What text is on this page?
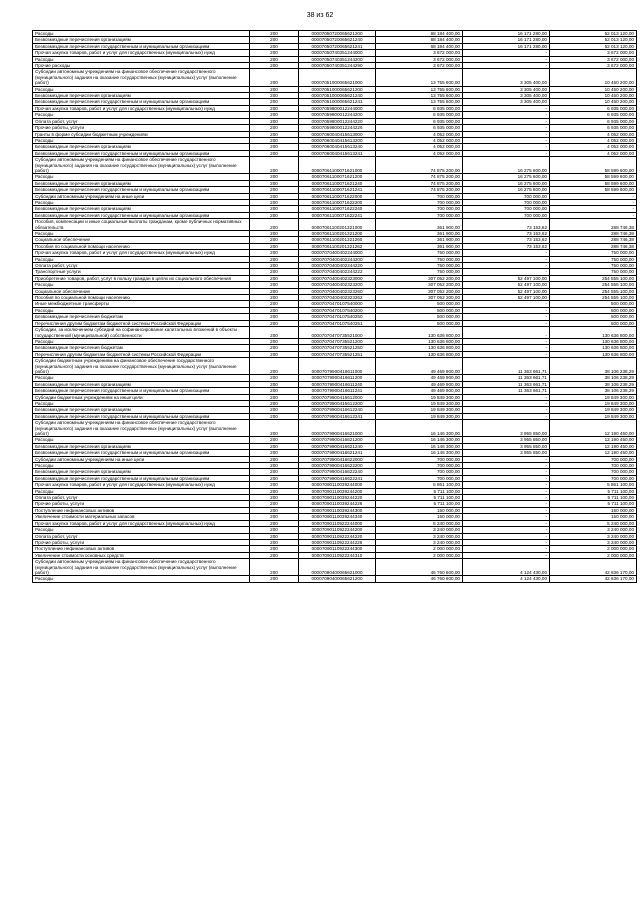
38 из 62
Расходы	200	00007050720065621200	68 184 400,00	16 171 280,00	52 013 120,00
Безвозмездные перечисления организациям	200	00007050720065621240	68 184 400,00	16 171 280,00	52 013 120,00
Безвозмездные перечисления государственным и муниципальным организациям	200	00007050720065621241	68 184 400,00	16 171 280,00	52 013 120,00
Прочая закупка товаров, работ и услуг для государственных (муниципальных) нужд	200	00007050740351244000	3 672 000,00	-	3 672 000,00
Расходы	200	00007050740351244200	3 672 000,00	-	3 672 000,00
Прочие расходы	200	00007050740351244290	3 672 000,00	-	3 672 000,00
Субсидии автономным учреждениям на финансовое обеспечение государственного (муниципального) задания на оказание государственных (муниципальных) услуг (выполнение работ)	200	00007051000065621000	13 755 600,00	3 305 400,00	10 450 200,00
Расходы	200	00007051000065621200	13 755 600,00	3 305 400,00	10 450 200,00
Безвозмездные перечисления организациям	200	00007051000065621240	13 755 600,00	3 305 400,00	10 450 200,00
Безвозмездные перечисления государственным и муниципальным организациям	200	00007051000065621241	13 755 600,00	3 305 400,00	10 450 200,00
Прочая закупка товаров, работ и услуг для государственных (муниципальных) нужд	200	00007059800012244000	6 935 000,00	-	6 935 000,00
Расходы	200	00007059800012244200	6 935 000,00	-	6 935 000,00
Оплата работ, услуг	200	00007059800012244220	6 935 000,00	-	6 935 000,00
Прочие работы, услуги	200	00007059800012244226	6 935 000,00	-	6 935 000,00
Гранты в форме субсидии бюджетным учреждениям	200	00007060040415613000	4 052 000,00	-	4 052 000,00
Расходы	200	00007060040415613200	4 052 000,00	-	4 052 000,00
Безвозмездные перечисления организациям	200	00007060040415613240	4 052 000,00	-	4 052 000,00
Безвозмездные перечисления государственным и муниципальным организациям	200	00007060040415613241	4 052 000,00	-	4 052 000,00
Субсидии автономным учреждениям на финансовое обеспечение государственного (муниципального) задания на оказание государственных (муниципальных) услуг (выполнение работ)	200	00007061100071621000	74 875 200,00	16 275 600,00	58 599 600,00
Расходы	200	00007061100071621200	74 875 200,00	16 275 600,00	58 599 600,00
Безвозмездные перечисления организациям	200	00007061100071621240	74 875 200,00	16 275 600,00	58 599 600,00
Безвозмездные перечисления государственным и муниципальным организациям	200	00007061100071621241	74 875 200,00	16 275 600,00	58 599 600,00
Субсидии автономным учреждениям на иные цели	200	00007061100071622000	700 000,00	700 000,00	-
Расходы	200	00007061100071622200	700 000,00	700 000,00	-
Безвозмездные перечисления организациям	200	00007061100071622240	700 000,00	700 000,00	-
Безвозмездные перечисления государственным и муниципальным организациям	200	00007061100071622241	700 000,00	700 000,00	-
Пособия, компенсации и иные социальные выплаты гражданам, кроме публичных нормативных обязательств	200	00007061100201321000	361 900,00	73 153,62	288 746,38
Расходы	200	00007061100201321200	361 900,00	73 153,62	288 746,38
Социальное обеспечение	200	00007061100201321260	361 900,00	73 153,62	288 746,38
Пособия по социальной помощи населению	200	00007061100201321262	361 900,00	73 153,62	288 746,38
Прочая закупка товаров, работ и услуг для государственных (муниципальных) нужд	200	00007070400402244000	750 000,00	-	750 000,00
Расходы	200	00007070400402244200	750 000,00	-	750 000,00
Оплата работ, услуг	200	00007070400402244220	750 000,00	-	750 000,00
Транспортные услуги	200	00007070400402244222	750 000,00	-	750 000,00
Приобретение товаров, работ, услуг в пользу граждан в целях их социального обеспечения	200	00007070400402323000	307 052 200,00	52 497 100,00	254 555 100,00
Расходы	200	00007070400402323200	307 052 200,00	52 497 100,00	254 555 100,00
Социальное обеспечение	200	00007070400402323260	307 052 200,00	52 497 100,00	254 555 100,00
Пособия по социальной помощи населению	200	00007070400402323262	307 052 200,00	52 497 100,00	254 555 100,00
Иные межбюджетные трансферты	200	00007070470107540000	500 000,00	-	500 000,00
Расходы	200	00007070470107540200	500 000,00	-	500 000,00
Безвозмездные перечисления бюджетам	200	00007070470107540250	500 000,00	-	500 000,00
Перечисления другим бюджетам бюджетной системы Российской Федерации	200	00007070470107540251	500 000,00	-	500 000,00
Субсидии, за исключением субсидий на софинансирование капитальных вложений в объекты государственной (муниципальной) собственности	200	00007070470735521000	130 636 800,00	-	130 636 800,00
Расходы	200	00007070470735521200	130 636 800,00	-	130 636 800,00
Безвозмездные перечисления бюджетам	200	00007070470735521250	130 636 800,00	-	130 636 800,00
Перечисления другим бюджетам бюджетной системы Российской Федерации	200	00007070470735521251	130 636 800,00	-	130 636 800,00
Субсидии бюджетным учреждениям на финансовое обеспечение государственного (муниципального) задания на оказание государственных (муниципальных) услуг (выполнение работ)	200	00007079900416611000	49 469 900,00	11 363 661,71	38 106 238,29
Расходы	200	00007079900416611200	49 469 900,00	11 363 661,71	38 106 238,29
Безвозмездные перечисления организациям	200	00007079900416611240	49 469 900,00	11 363 661,71	38 106 238,29
Безвозмездные перечисления государственным и муниципальным организациям	200	00007079900416611241	49 469 900,00	11 363 661,71	38 106 238,29
Субсидии бюджетным учреждениям на иные цели	200	00007079900416612000	19 849 300,00	-	19 849 300,00
Расходы	200	00007079900416612200	19 849 300,00	-	19 849 300,00
Безвозмездные перечисления организациям	200	00007079900416612240	19 849 300,00	-	19 849 300,00
Безвозмездные перечисления государственным и муниципальным организациям	200	00007079900416612241	19 849 300,00	-	19 849 300,00
Субсидии автономным учреждениям на финансовое обеспечение государственного (муниципального) задания на оказание государственных (муниципальных) услуг (выполнение работ)	200	00007079900416621000	16 146 300,00	3 955 850,00	12 190 450,00
Расходы	200	00007079900416621200	16 146 300,00	3 955 850,00	12 190 450,00
Безвозмездные перечисления организациям	200	00007079900416621240	16 146 300,00	3 955 850,00	12 190 450,00
Безвозмездные перечисления государственным и муниципальным организациям	200	00007079900416621241	16 146 300,00	3 955 850,00	12 190 450,00
Субсидии автономным учреждениям на иные цели	200	00007079900416622000	700 000,00	-	700 000,00
Расходы	200	00007079900416622200	700 000,00	-	700 000,00
Безвозмездные перечисления организациям	200	00007079900416622240	700 000,00	-	700 000,00
Безвозмездные перечисления государственным и муниципальным организациям	200	00007079900416622241	700 000,00	-	700 000,00
Прочая закупка товаров, работ и услуг для государственных (муниципальных) нужд	200	00007090110039244000	5 861 100,00	-	5 861 100,00
Расходы	200	00007090110039244200	5 711 100,00	-	5 711 100,00
Оплата работ, услуг	200	00007090110039244220	5 711 100,00	-	5 711 100,00
Прочие работы, услуги	200	00007090110039244226	5 711 100,00	-	5 711 100,00
Поступление нефинансовых активов	200	00007090110039244300	150 000,00	-	150 000,00
Увеличение стоимости материальных запасов	200	00007090110039244340	150 000,00	-	150 000,00
Прочая закупка товаров, работ и услуг для государственных (муниципальных) нужд	200	00007090110922244000	5 240 000,00	-	5 240 000,00
Расходы	200	00007090110922244200	3 240 000,00	-	3 240 000,00
Оплата работ, услуг	200	00007090110922244220	3 240 000,00	-	3 240 000,00
Прочие работы, услуги	200	00007090110922244226	3 240 000,00	-	3 240 000,00
Поступление нефинансовых активов	200	00007090110922244300	2 000 000,00	-	2 000 000,00
Увеличение стоимости основных средств	200	00007090110922244310	2 000 000,00	-	2 000 000,00
Субсидии автономным учреждениям на финансовое обеспечение государственного (муниципального) задания на оказание государственных (муниципальных) услуг (выполнение работ)	200	00007090400065621000	46 760 600,00	4 124 430,00	42 636 170,00
Расходы	200	00007090400065621200	46 760 600,00	4 124 430,00	42 636 170,00
